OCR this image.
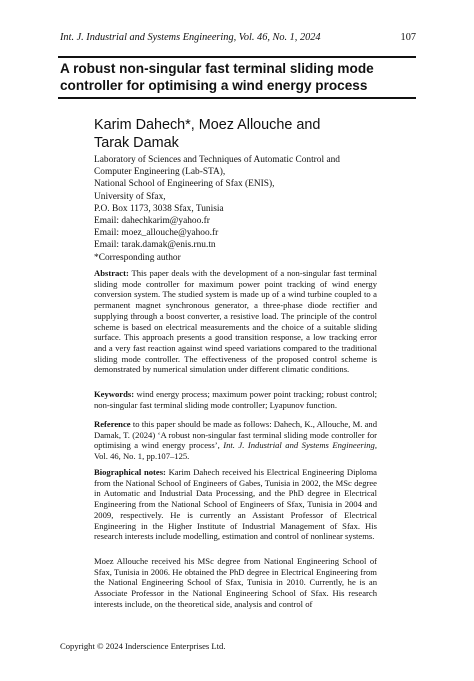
Int. J. Industrial and Systems Engineering, Vol. 46, No. 1, 2024	107
A robust non-singular fast terminal sliding mode
controller for optimising a wind energy process
Karim Dahech*, Moez Allouche and
Tarak Damak
Laboratory of Sciences and Techniques of Automatic Control and
Computer Engineering (Lab-STA),
National School of Engineering of Sfax (ENIS),
University of Sfax,
P.O. Box 1173, 3038 Sfax, Tunisia
Email: dahechkarim@yahoo.fr
Email: moez_allouche@yahoo.fr
Email: tarak.damak@enis.rnu.tn
*Corresponding author
Abstract: This paper deals with the development of a non-singular fast terminal sliding mode controller for maximum power point tracking of wind energy conversion system. The studied system is made up of a wind turbine coupled to a permanent magnet synchronous generator, a three-phase diode rectifier and supplying through a boost converter, a resistive load. The principle of the control scheme is based on electrical measurements and the choice of a suitable sliding surface. This approach presents a good transition response, a low tracking error and a very fast reaction against wind speed variations compared to the traditional sliding mode controller. The effectiveness of the proposed control scheme is demonstrated by numerical simulation under different climatic conditions.
Keywords: wind energy process; maximum power point tracking; robust control; non-singular fast terminal sliding mode controller; Lyapunov function.
Reference to this paper should be made as follows: Dahech, K., Allouche, M. and Damak, T. (2024) ‘A robust non-singular fast terminal sliding mode controller for optimising a wind energy process’, Int. J. Industrial and Systems Engineering, Vol. 46, No. 1, pp.107–125.
Biographical notes: Karim Dahech received his Electrical Engineering Diploma from the National School of Engineers of Gabes, Tunisia in 2002, the MSc degree in Automatic and Industrial Data Processing, and the PhD degree in Electrical Engineering from the National School of Engineers of Sfax, Tunisia in 2004 and 2009, respectively. He is currently an Assistant Professor of Electrical Engineering in the Higher Institute of Industrial Management of Sfax. His research interests include modelling, estimation and control of nonlinear systems.
Moez Allouche received his MSc degree from National Engineering School of Sfax, Tunisia in 2006. He obtained the PhD degree in Electrical Engineering from the National Engineering School of Sfax, Tunisia in 2010. Currently, he is an Associate Professor in the National Engineering School of Sfax. His research interests include, on the theoretical side, analysis and control of
Copyright © 2024 Inderscience Enterprises Ltd.
